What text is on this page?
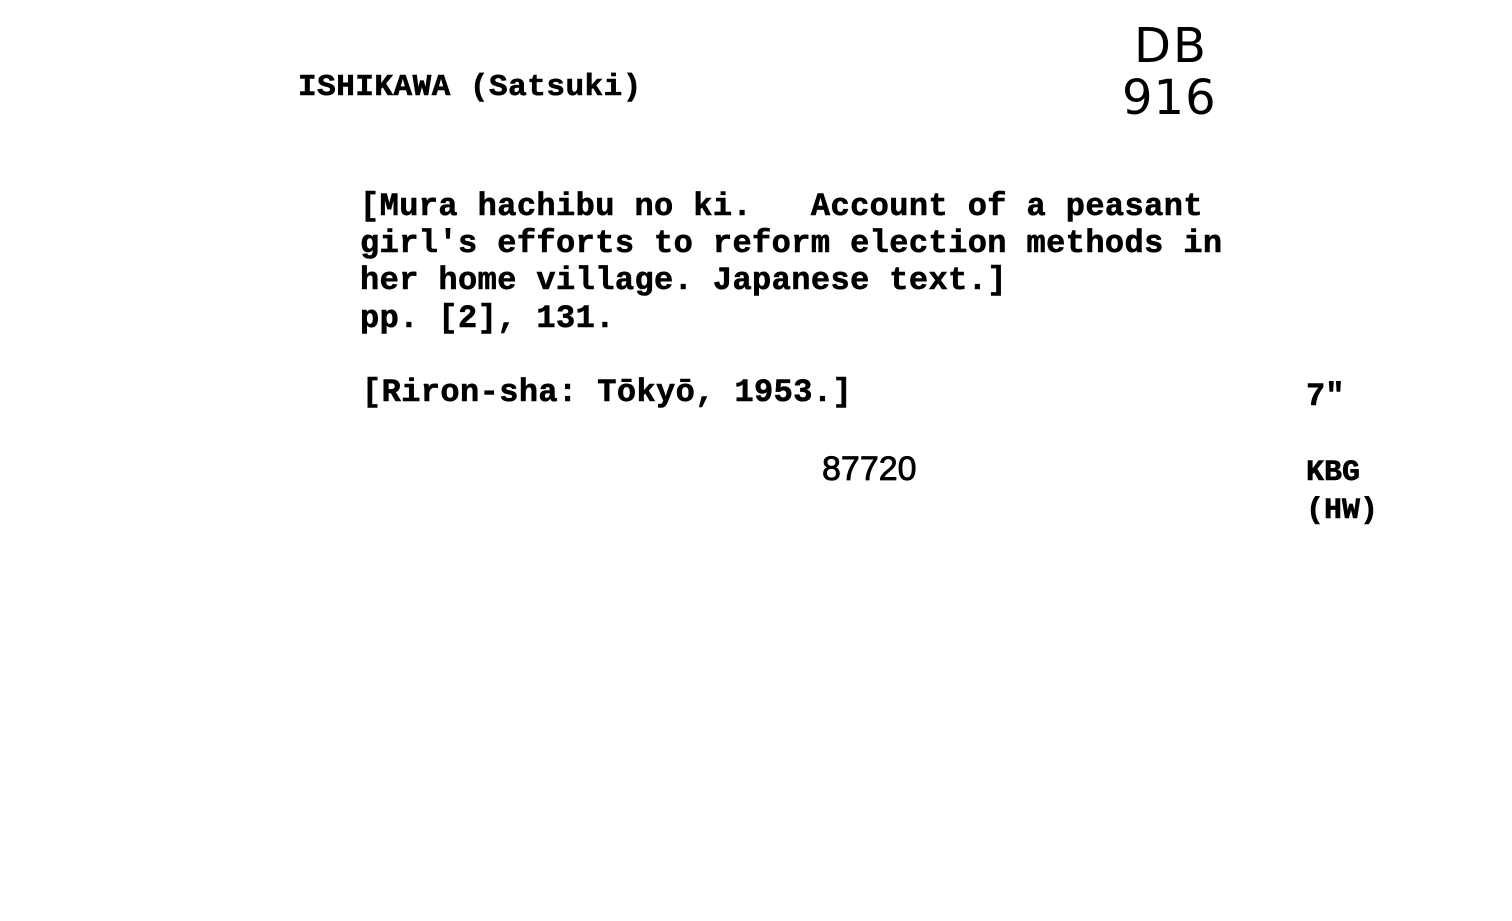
ISHIKAWA (Satsuki)
DB
916
[Mura hachibu no ki.   Account of a peasant
girl's efforts to reform election methods in
her home village. Japanese text.]
pp. [2], 131.
[Riron-sha: Tōkyō, 1953.]	7"
87720	KBG
(HW)
